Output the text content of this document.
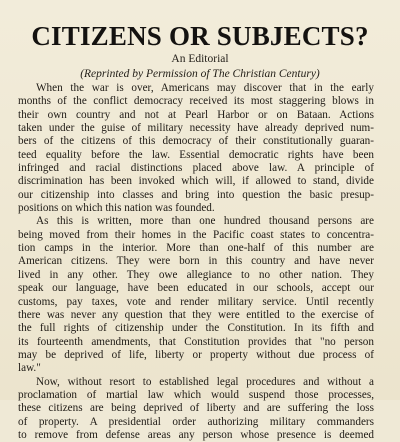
CITIZENS OR SUBJECTS?
An Editorial
(Reprinted by Permission of The Christian Century)
When the war is over, Americans may discover that in the early
months of the conflict democracy received its most staggering blows in
their own country and not at Pearl Harbor or on Bataan. Actions
taken under the guise of military necessity have already deprived num-
bers of the citizens of this democracy of their constitutionally guaran-
teed equality before the law. Essential democratic rights have been
infringed and racial distinctions placed above law. A principle of
discrimination has been invoked which will, if allowed to stand, divide
our citizenship into classes and bring into question the basic presup-
positions on which this nation was founded.
As this is written, more than one hundred thousand persons are
being moved from their homes in the Pacific coast states to concentra-
tion camps in the interior. More than one-half of this number are
American citizens. They were born in this country and have never
lived in any other. They owe allegiance to no other nation. They
speak our language, have been educated in our schools, accept our
customs, pay taxes, vote and render military service. Until recently
there was never any question that they were entitled to the exercise of
the full rights of citizenship under the Constitution. In its fifth and
its fourteenth amendments, that Constitution provides that "no person
may be deprived of life, liberty or property without due process of
law."
Now, without resort to established legal procedures and without a
proclamation of martial law which would suspend those processes,
these citizens are being deprived of liberty and are suffering the loss
of property. A presidential order authorizing military commanders
to remove from defense areas any person whose presence is deemed
